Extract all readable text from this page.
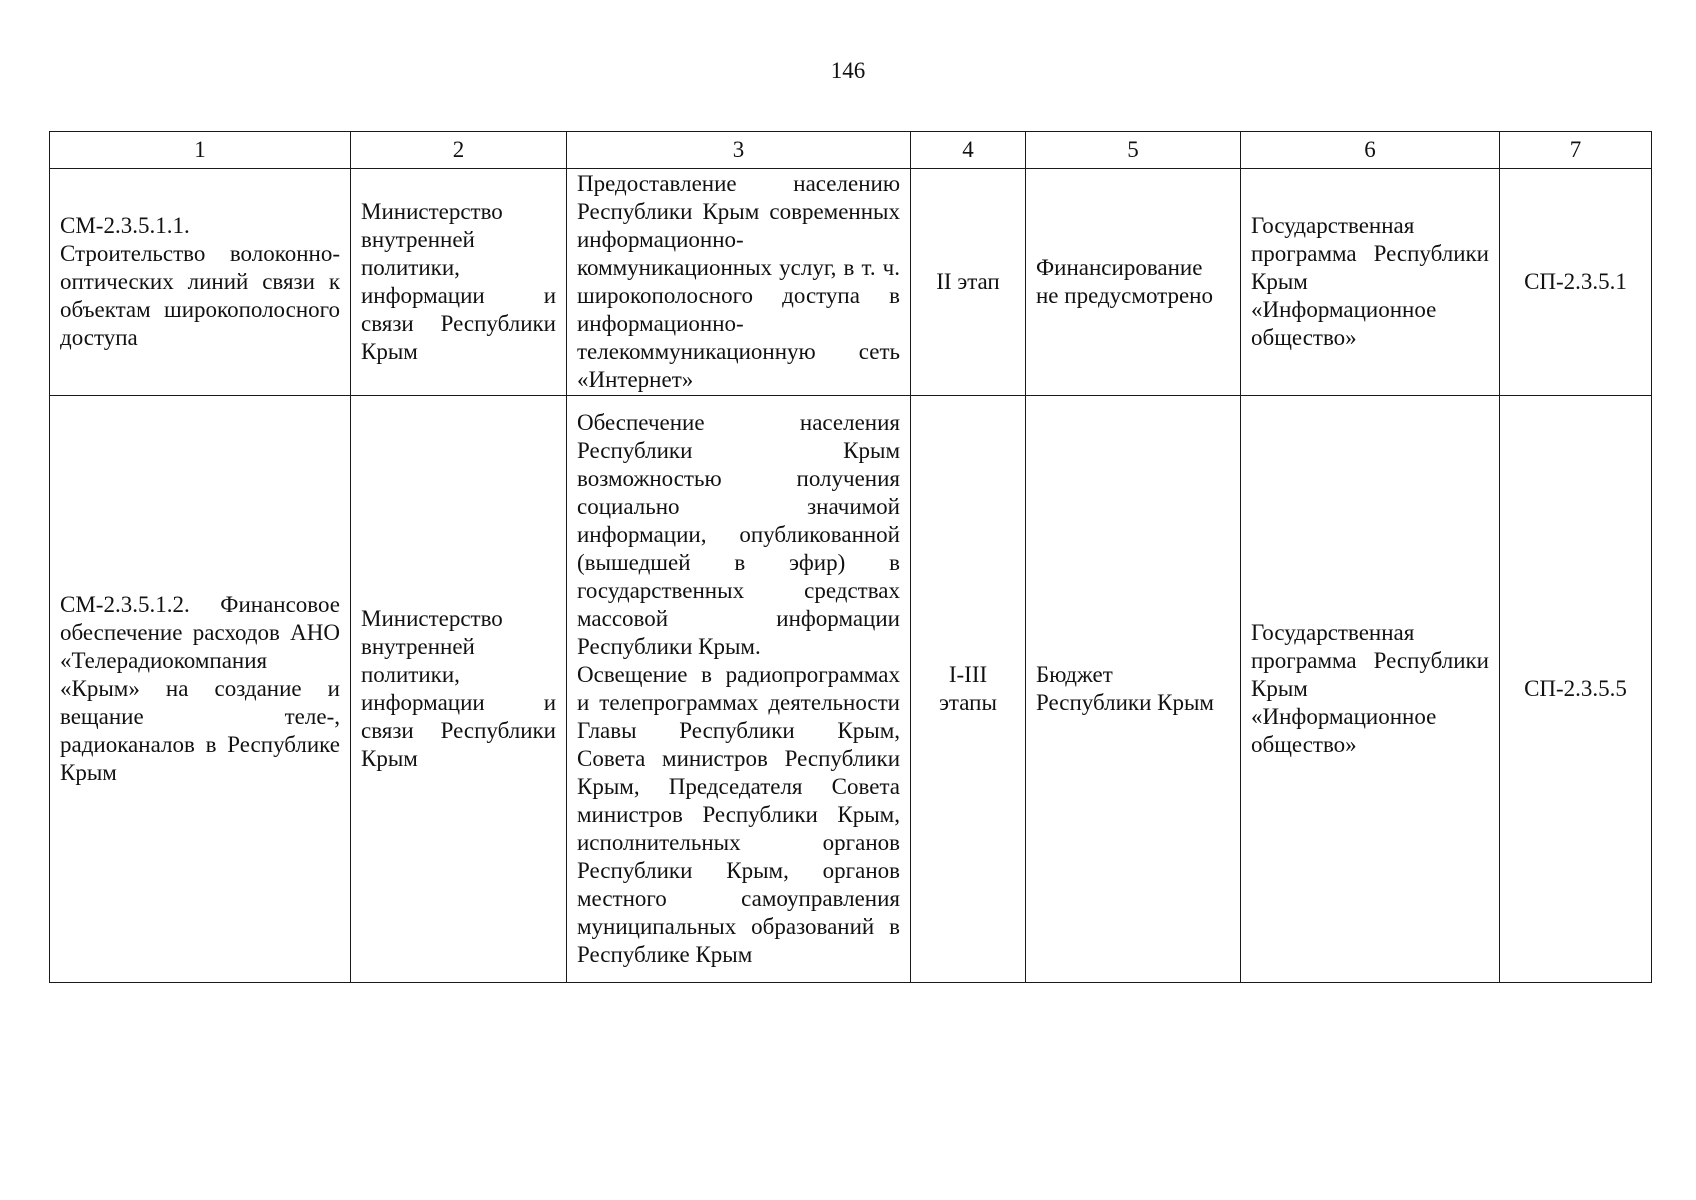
146
1	2	3	4	5	6	7
СМ-2.3.5.1.1. Строительство волоконно-оптических линий связи к объектам широкополосного доступа	Министерство внутренней политики, информации и связи Республики Крым	Предоставление населению Республики Крым современных информационно-коммуникационных услуг, в т. ч. широкополосного доступа в информационно-телекоммуникационную сеть «Интернет»	II этап	Финансирование не предусмотрено	Государственная программа Республики Крым «Информационное общество»	СП-2.3.5.1
СМ-2.3.5.1.2. Финансовое обеспечение расходов АНО «Телерадиокомпания «Крым» на создание и вещание теле-, радиоканалов в Республике Крым	Министерство внутренней политики, информации и связи Республики Крым	Обеспечение населения Республики Крым возможностью получения социально значимой информации, опубликованной (вышедшей в эфир) в государственных средствах массовой информации Республики Крым.
Освещение в радиопрограммах и телепрограммах деятельности Главы Республики Крым, Совета министров Республики Крым, Председателя Совета министров Республики Крым, исполнительных органов Республики Крым, органов местного самоуправления муниципальных образований в Республике Крым	I-III этапы	Бюджет Республики Крым	Государственная программа Республики Крым «Информационное общество»	СП-2.3.5.5
